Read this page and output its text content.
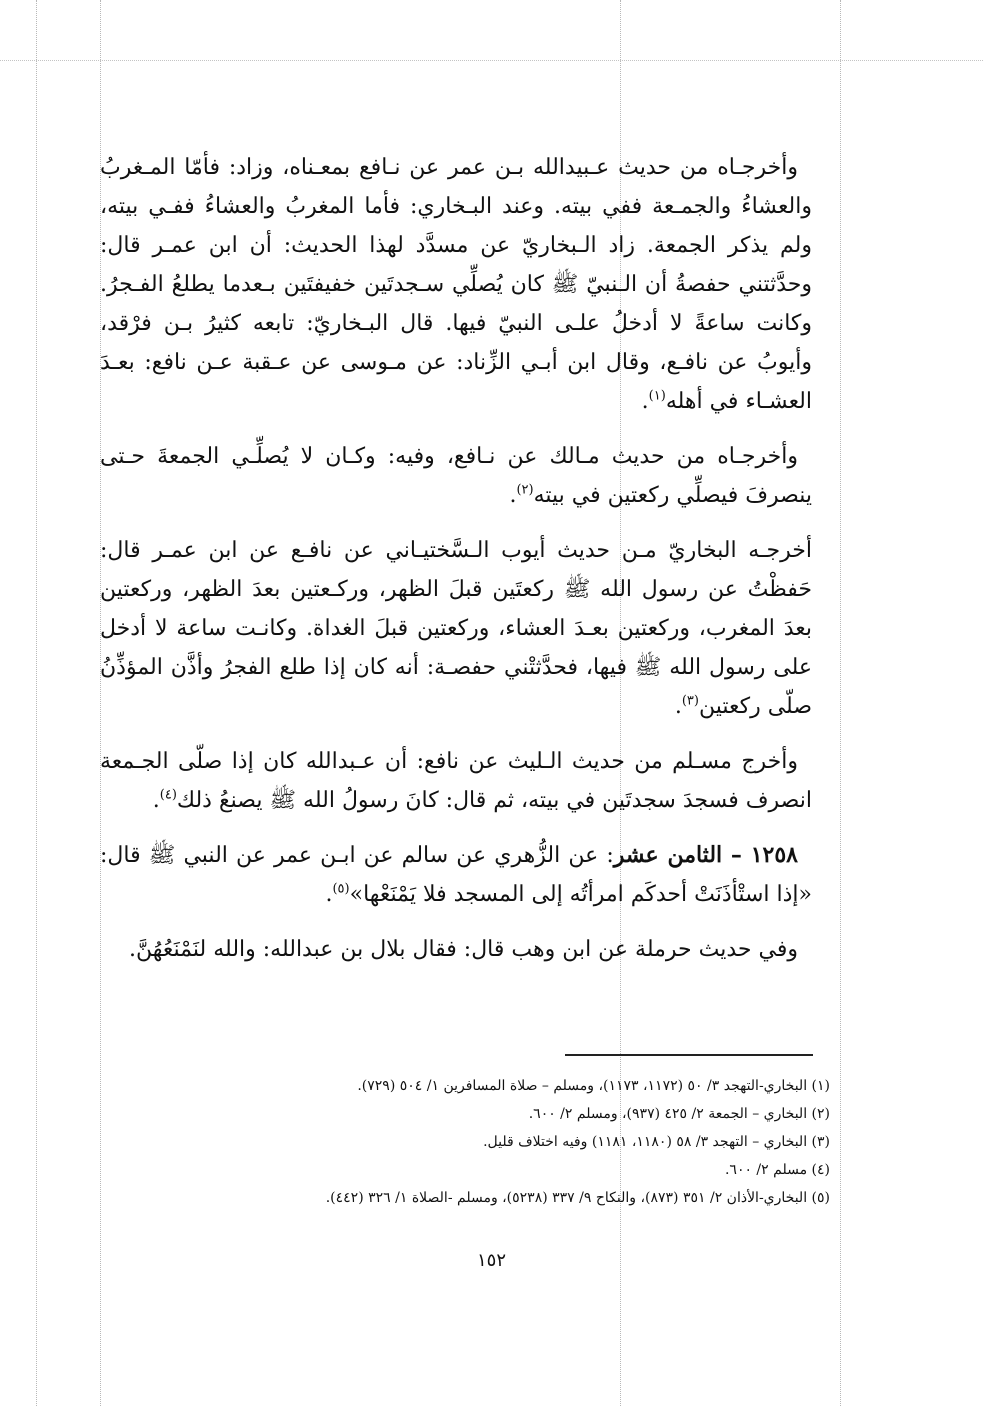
وأخرجـاه من حديث عـبيدالله بـن عمر عن نـافع بمعـناه، وزاد: فأمّا المـغربُ والعشاءُ والجمـعة ففي بيته. وعند البـخاري: فأما المغربُ والعشاءُ ففـي بيته، ولم يذكر الجمعة. زاد الـبخاريّ عن مسدَّد لهذا الحديث: أن ابن عمـر قال: وحدَّثتني حفصةُ أن الـنبيّ ﷺ كان يُصلِّي سـجدتَين خفيفتَين بـعدما يطلعُ الفـجرُ. وكانت ساعةً لا أدخلُ علـى النبيّ فيها. قال البـخاريّ: تابعه كثيرُ بـن فرْقد، وأيوبُ عن نافـع، وقال ابن أبـي الزِّناد: عن مـوسى عن عـقبة عـن نافع: بعـدَ العشـاء في أهله$^{(١)}$.

وأخرجـاه من حديث مـالك عن نـافع، وفيه: وكـان لا يُصلِّـي الجمعةَ حـتى ينصرفَ فيصلِّي ركعتين في بيته$^{(٢)}$.

أخرجـه البخاريّ مـن حديث أيوب الـسَّختيـاني عن نافـع عن ابن عمـر قال: حَفظْتُ عن رسول الله ﷺ ركعتَين قبلَ الظهر، وركـعتين بعدَ الظهر، وركعتين بعدَ المغرب، وركعتين بعـدَ العشاء، وركعتين قبلَ الغداة. وكانـت ساعة لا أدخل على رسول الله ﷺ فيها، فحدَّثتْني حفصـة: أنه كان إذا طلع الفجرُ وأذَّن المؤذِّنُ صلّى ركعتين$^{(٣)}$.

وأخرج مسـلم من حديث الـليث عن نافع: أن عـبدالله كان إذا صلّى الجـمعة انصرف فسجدَ سجدتَين في بيته، ثم قال: كانَ رسولُ الله ﷺ يصنعُ ذلك$^{(٤)}$.

١٢٥٨ – الثامن عشر: عن الزُّهري عن سالم عن ابـن عمر عن النبي ﷺ قال: «إذا استْأذَنَتْ أحدكَم امرأتُه إلى المسجد فلا يَمْنَعْها»$^{(٥)}$.

وفي حديث حرملة عن ابن وهب قال: فقال بلال بن عبدالله: والله لنَمْنَعُهُنَّ.

(١) البخاري-التهجد ٣/ ٥٠ (١١٧٢، ١١٧٣)، ومسلم – صلاة المسافرين ١/ ٥٠٤ (٧٢٩).

(٢) البخاري – الجمعة ٢/ ٤٢٥ (٩٣٧)، ومسلم ٢/ ٦٠٠.

(٣) البخاري – التهجد ٣/ ٥٨ (١١٨٠، ١١٨١) وفيه اختلاف قليل.

(٤) مسلم ٢/ ٦٠٠.

(٥) البخاري-الأذان ٢/ ٣٥١ (٨٧٣)، والنكاح ٩/ ٣٣٧ (٥٢٣٨)، ومسلم -الصلاة ١/ ٣٢٦ (٤٤٢).

١٥٢
